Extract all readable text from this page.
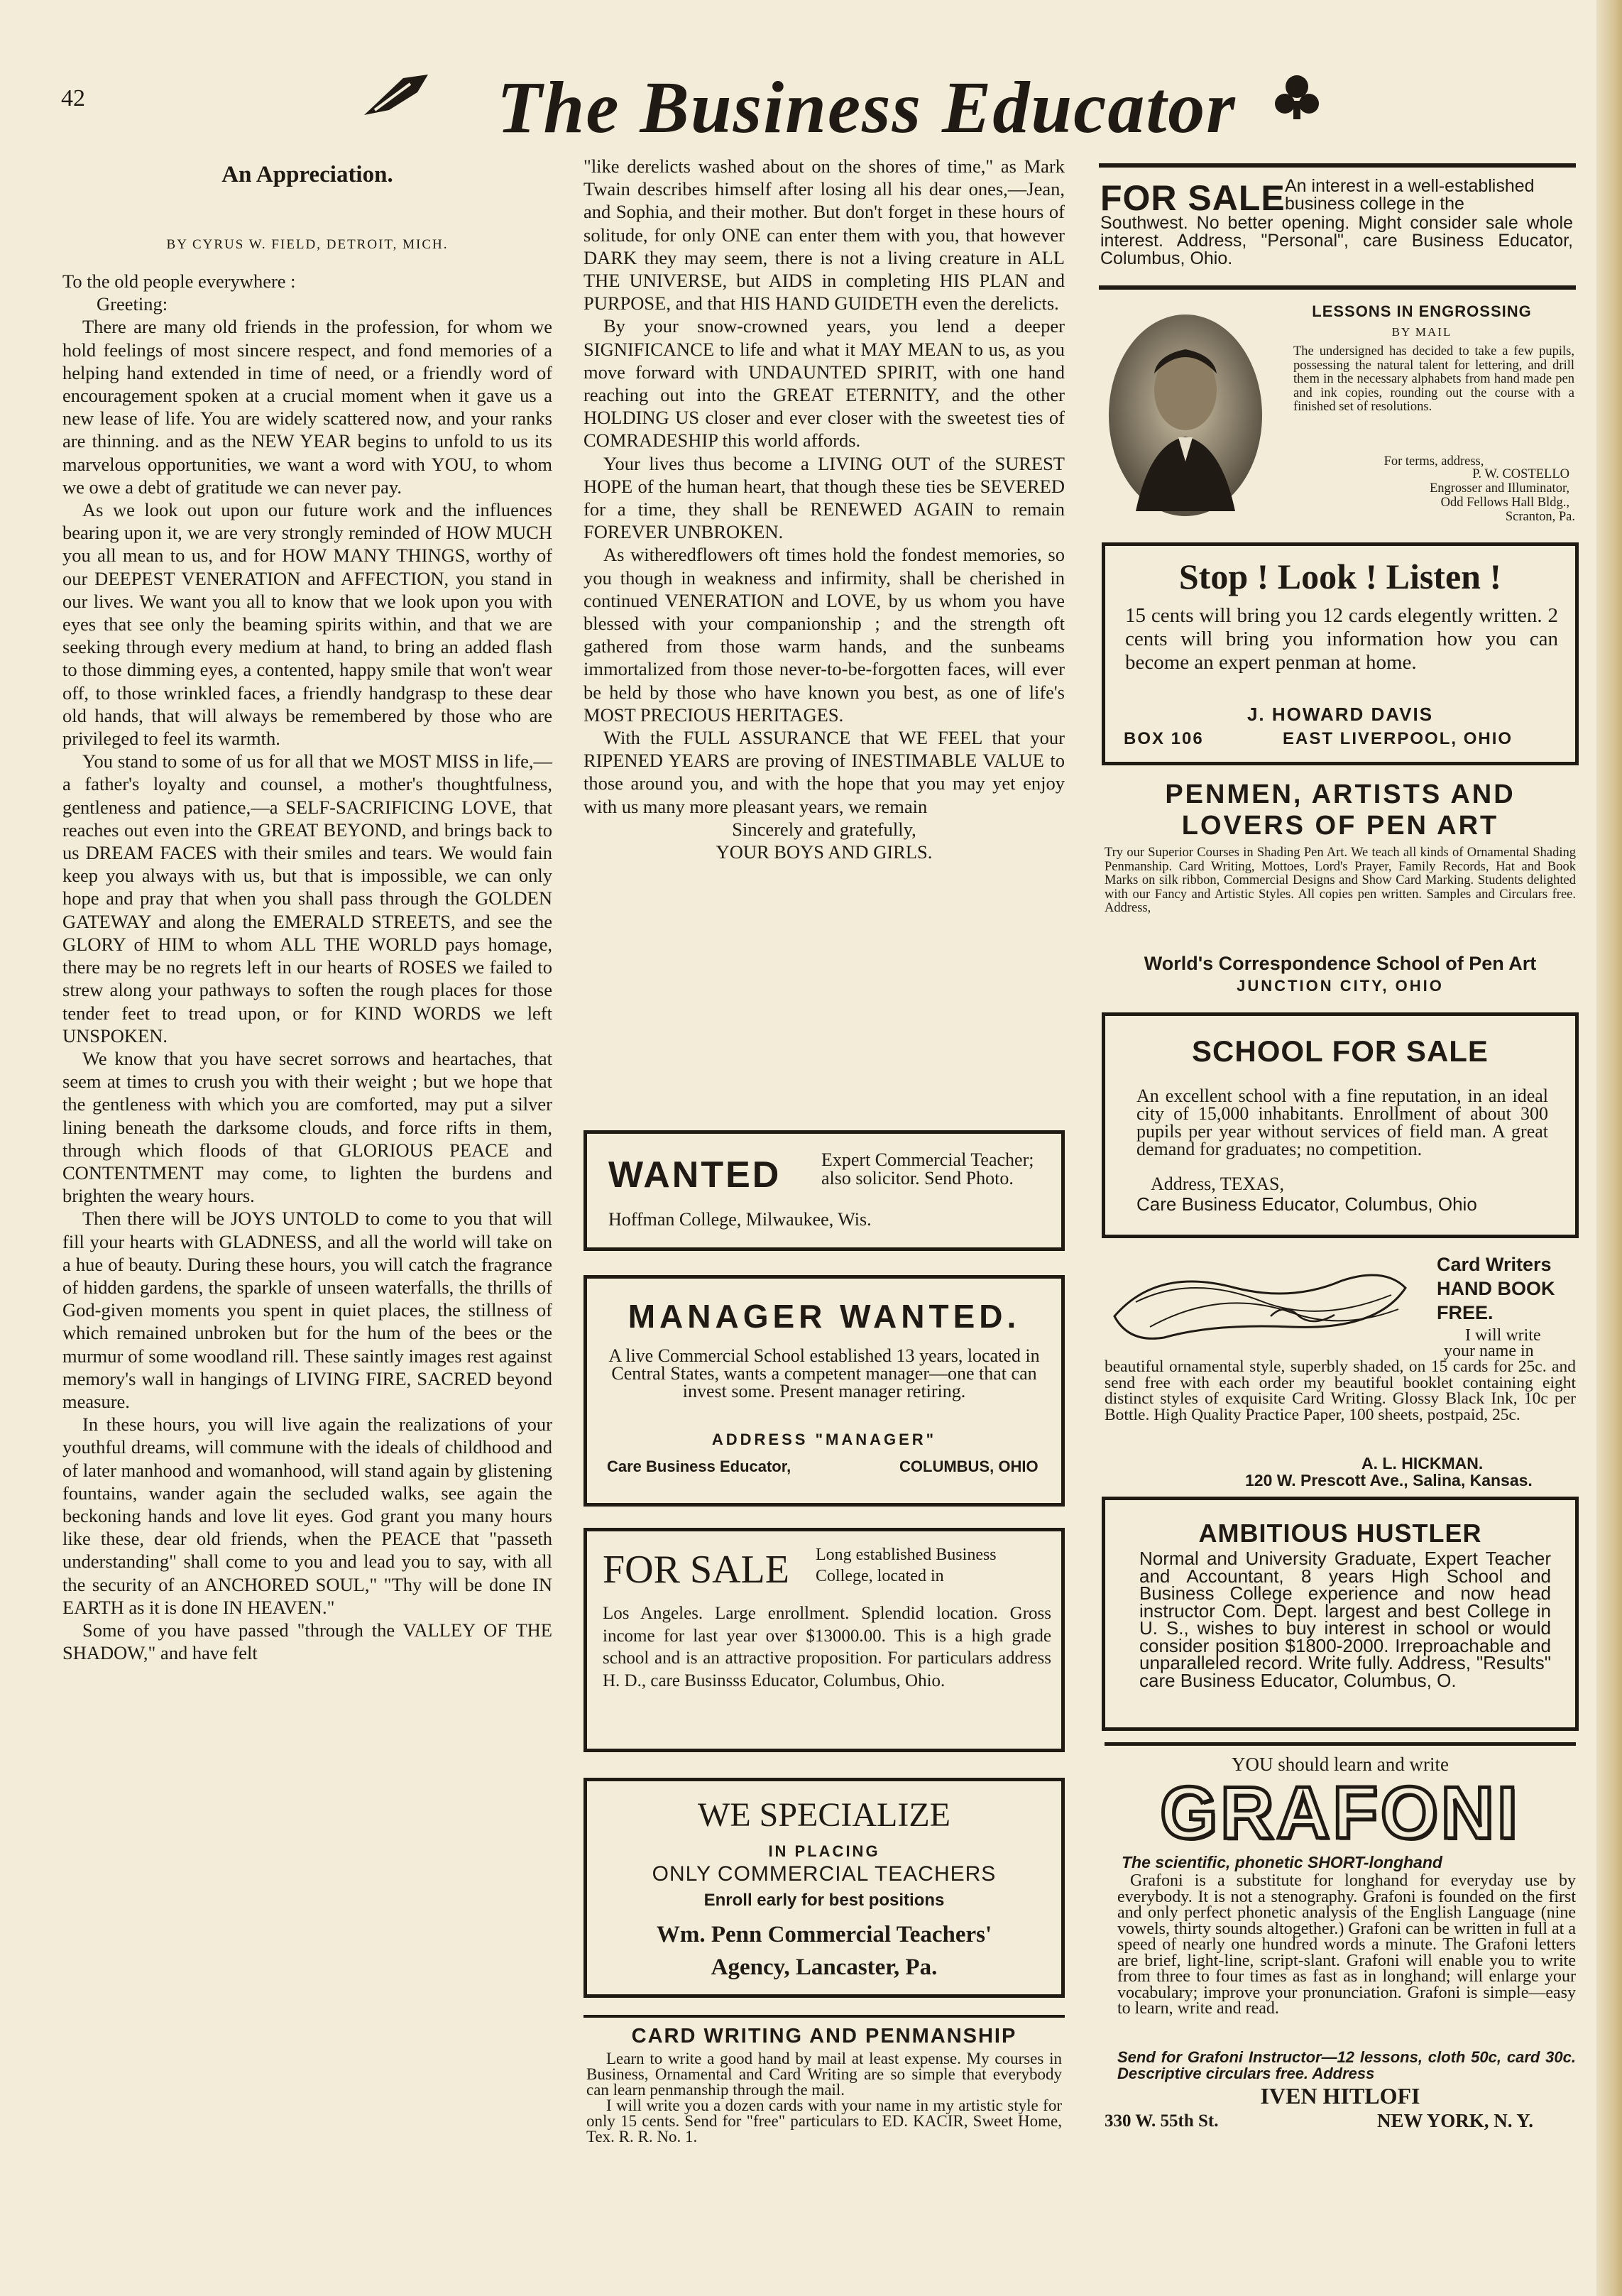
42	The Business Educator
An Appreciation.
BY CYRUS W. FIELD, DETROIT, MICH.

To the old people everywhere :

Greeting:

There are many old friends in the profession, for whom we hold feelings of most sincere respect, and fond memories of a helping hand extended in time of need, or a friendly word of encouragement spoken at a crucial moment when it gave us a new lease of life. You are widely scattered now, and your ranks are thinning. and as the NEW YEAR begins to unfold to us its marvelous opportunities, we want a word with YOU, to whom we owe a debt of gratitude we can never pay.

As we look out upon our future work and the influences bearing upon it, we are very strongly reminded of HOW MUCH you all mean to us, and for HOW MANY THINGS, worthy of our DEEPEST VENERATION and AFFECTION, you stand in our lives. We want you all to know that we look upon you with eyes that see only the beaming spirits within, and that we are seeking through every medium at hand, to bring an added flash to those dimming eyes, a contented, happy smile that won't wear off, to those wrinkled faces, a friendly handgrasp to these dear old hands, that will always be remembered by those who are privileged to feel its warmth.

You stand to some of us for all that we MOST MISS in life,—a father's loyalty and counsel, a mother's thoughtfulness, gentleness and patience,—a SELF-SACRIFICING LOVE, that reaches out even into the GREAT BEYOND, and brings back to us DREAM FACES with their smiles and tears. We would fain keep you always with us, but that is impossible, we can only hope and pray that when you shall pass through the GOLDEN GATEWAY and along the EMERALD STREETS, and see the GLORY of HIM to whom ALL THE WORLD pays homage, there may be no regrets left in our hearts of ROSES we failed to strew along your pathways to soften the rough places for those tender feet to tread upon, or for KIND WORDS we left UNSPOKEN.

We know that you have secret sorrows and heartaches, that seem at times to crush you with their weight ; but we hope that the gentleness with which you are comforted, may put a silver lining beneath the darksome clouds, and force rifts in them, through which floods of that GLORIOUS PEACE and CONTENTMENT may come, to lighten the burdens and brighten the weary hours.

Then there will be JOYS UNTOLD to come to you that will fill your hearts with GLADNESS, and all the world will take on a hue of beauty. During these hours, you will catch the fragrance of hidden gardens, the sparkle of unseen waterfalls, the thrills of God-given moments you spent in quiet places, the stillness of which remained unbroken but for the hum of the bees or the murmur of some woodland rill. These saintly images rest against memory's wall in hangings of LIVING FIRE, SACRED beyond measure.

In these hours, you will live again the realizations of your youthful dreams, will commune with the ideals of childhood and of later manhood and womanhood, will stand again by glistening fountains, wander again the secluded walks, see again the beckoning hands and love lit eyes. God grant you many hours like these, dear old friends, when the PEACE that "passeth understanding" shall come to you and lead you to say, with all the security of an ANCHORED SOUL," "Thy will be done IN EARTH as it is done IN HEAVEN."

Some of you have passed "through the VALLEY OF THE SHADOW," and have felt

"like derelicts washed about on the shores of time," as Mark Twain describes himself after losing all his dear ones,—Jean, and Sophia, and their mother. But don't forget in these hours of solitude, for only ONE can enter them with you, that however DARK they may seem, there is not a living creature in ALL THE UNIVERSE, but AIDS in completing HIS PLAN and PURPOSE, and that HIS HAND GUIDETH even the derelicts.

By your snow-crowned years, you lend a deeper SIGNIFICANCE to life and what it MAY MEAN to us, as you move forward with UNDAUNTED SPIRIT, with one hand reaching out into the GREAT ETERNITY, and the other HOLDING US closer and ever closer with the sweetest ties of COMRADESHIP this world affords.

Your lives thus become a LIVING OUT of the SUREST HOPE of the human heart, that though these ties be SEVERED for a time, they shall be RENEWED AGAIN to remain FOREVER UNBROKEN.

As witheredflowers oft times hold the fondest memories, so you though in weakness and infirmity, shall be cherished in continued VENERATION and LOVE, by us whom you have blessed with your companionship ; and the strength oft gathered from those warm hands, and the sunbeams immortalized from those never-to-be-forgotten faces, will ever be held by those who have known you best, as one of life's MOST PRECIOUS HERITAGES.

With the FULL ASSURANCE that WE FEEL that your RIPENED YEARS are proving of INESTIMABLE VALUE to those around you, and with the hope that you may yet enjoy with us many more pleasant years, we remain

Sincerely and gratefully,

YOUR BOYS AND GIRLS.

WANTED Expert Commercial Teacher; also solicitor. Send Photo.
Hoffman College, Milwaukee, Wis.
MANAGER WANTED.
A live Commercial School established 13 years, located in Central States, wants a competent manager—one that can invest some. Present manager retiring.
ADDRESS "MANAGER"
Care Business Educator,	COLUMBUS, OHIO
FOR SALE Long established Business College, located in
Los Angeles. Large enrollment. Splendid location. Gross income for last year over $13000.00. This is a high grade school and is an attractive proposition. For particulars address H. D., care Businsss Educator, Columbus, Ohio.
WE SPECIALIZE
IN PLACING
ONLY COMMERCIAL TEACHERS
Enroll early for best positions
Wm. Penn Commercial Teachers'
Agency, Lancaster, Pa.
CARD WRITING AND PENMANSHIP
Learn to write a good hand by mail at least expense. My courses in Business, Ornamental and Card Writing are so simple that everybody can learn penmanship through the mail.
I will write you a dozen cards with your name in my artistic style for only 15 cents. Send for "free" particulars to ED. KACIR, Sweet Home, Tex. R. R. No. 1.
FOR SALE An interest in a well-established business college in the
Southwest. No better opening. Might consider sale whole interest. Address, "Personal", care Business Educator, Columbus, Ohio.
LESSONS IN ENGROSSING
BY MAIL
The undersigned has decided to take a few pupils, possessing the natural talent for lettering, and drill them in the necessary alphabets from hand made pen and ink copies, rounding out the course with a finished set of resolutions.
For terms, address,
P. W. COSTELLO
Engrosser and Illuminator,
Odd Fellows Hall Bldg.,
Scranton, Pa.
Stop ! Look ! Listen !
15 cents will bring you 12 cards elegently written. 2 cents will bring you information how you can become an expert penman at home.
J. HOWARD DAVIS
BOX 106	EAST LIVERPOOL, OHIO
PENMEN, ARTISTS AND
LOVERS OF PEN ART
Try our Superior Courses in Shading Pen Art. We teach all kinds of Ornamental Shading Penmanship. Card Writing, Mottoes, Lord's Prayer, Family Records, Hat and Book Marks on silk ribbon, Commercial Designs and Show Card Marking. Students delighted with our Fancy and Artistic Styles. All copies pen written. Samples and Circulars free. Address,
World's Correspondence School of Pen Art
JUNCTION CITY, OHIO
SCHOOL FOR SALE
An excellent school with a fine reputation, in an ideal city of 15,000 inhabitants. Enrollment of about 300 pupils per year without services of field man. A great demand for graduates; no competition.
Address, TEXAS,
Care Business Educator, Columbus, Ohio
Card Writers
HAND BOOK
FREE.
I will write
your name in
beautiful ornamental style, superbly shaded, on 15 cards for 25c. and send free with each order my beautiful booklet containing eight distinct styles of exquisite Card Writing. Glossy Black Ink, 10c per Bottle. High Quality Practice Paper, 100 sheets, postpaid, 25c.
A. L. HICKMAN.
120 W. Prescott Ave., Salina, Kansas.
AMBITIOUS HUSTLER
Normal and University Graduate, Expert Teacher and Accountant, 8 years High School and Business College experience and now head instructor Com. Dept. largest and best College in U. S., wishes to buy interest in school or would consider position $1800-2000. Irreproachable and unparalleled record. Write fully. Address, "Results" care Business Educator, Columbus, O.
YOU should learn and write
GRAFONI
The scientific, phonetic SHORT-longhand
Grafoni is a substitute for longhand for everyday use by everybody. It is not a stenography. Grafoni is founded on the first and only perfect phonetic analysis of the English Language (nine vowels, thirty sounds altogether.) Grafoni can be written in full at a speed of nearly one hundred words a minute. The Grafoni letters are brief, light-line, script-slant. Grafoni will enable you to write from three to four times as fast as in longhand; will enlarge your vocabulary; improve your pronunciation. Grafoni is simple—easy to learn, write and read.
Send for Grafoni Instructor—12 lessons, cloth 50c, card 30c. Descriptive circulars free. Address
IVEN HITLOFI
330 W. 55th St.	NEW YORK, N. Y.
